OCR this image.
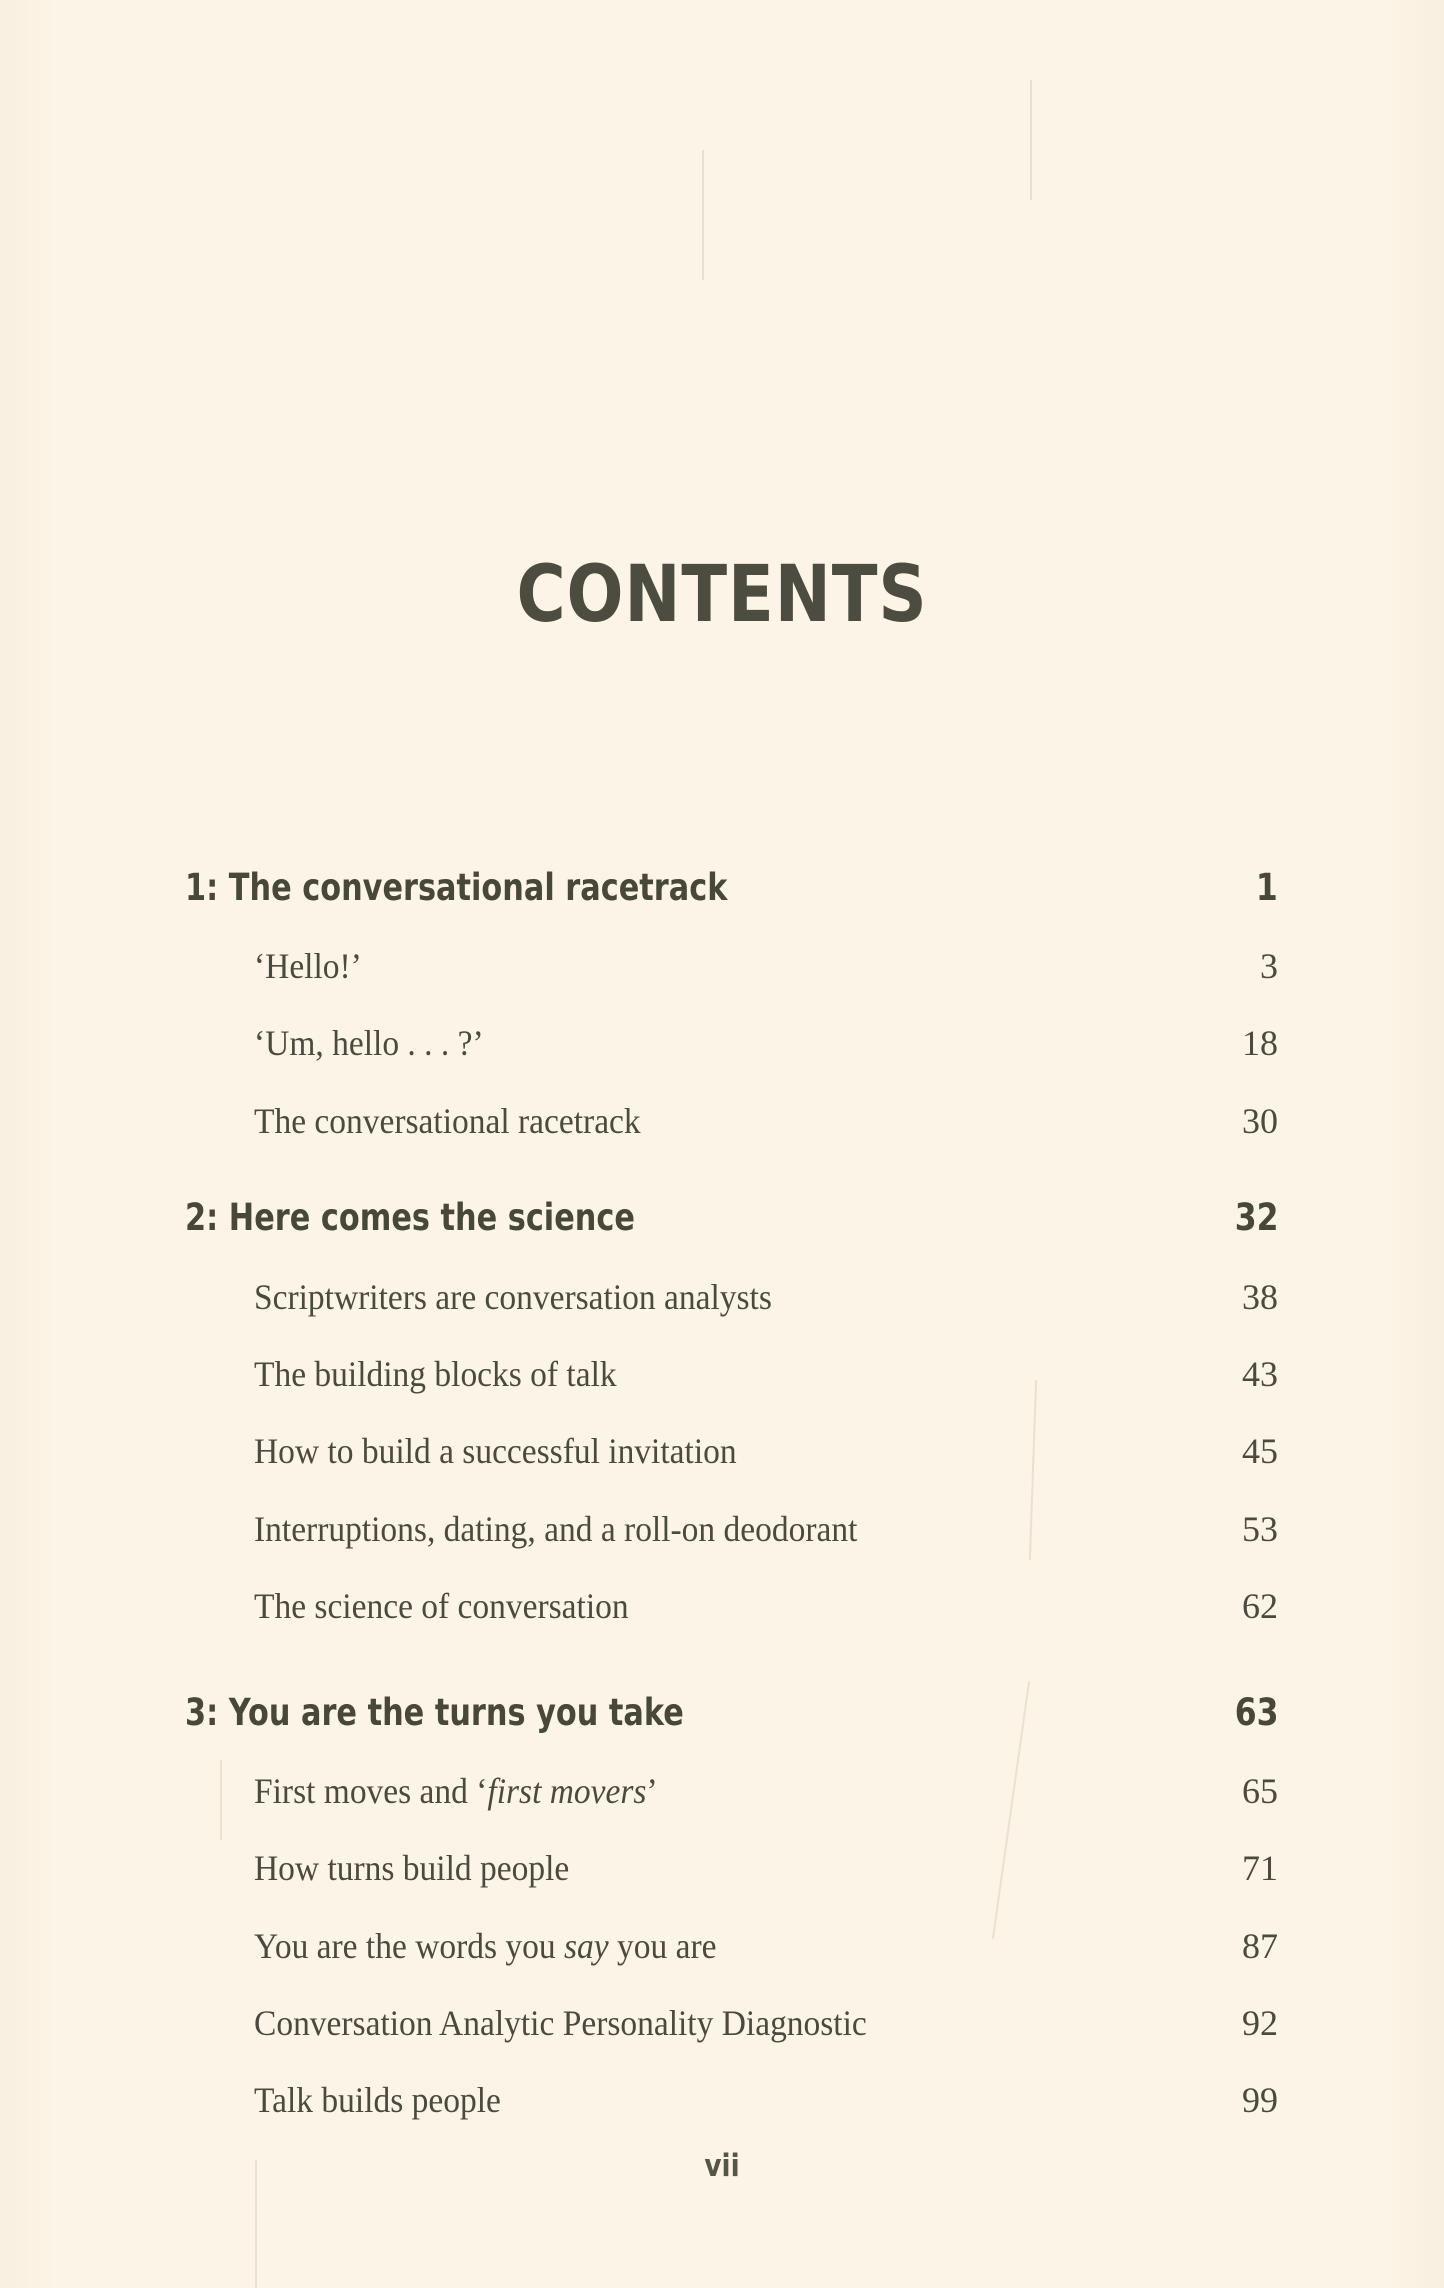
CONTENTS
1: The conversational racetrack	1
‘Hello!’	3
‘Um, hello . . . ?’	18
The conversational racetrack	30
2: Here comes the science	32
Scriptwriters are conversation analysts	38
The building blocks of talk	43
How to build a successful invitation	45
Interruptions, dating, and a roll-on deodorant	53
The science of conversation	62
3: You are the turns you take	63
First moves and ‘first movers’	65
How turns build people	71
You are the words you say you are	87
Conversation Analytic Personality Diagnostic	92
Talk builds people	99
vii
